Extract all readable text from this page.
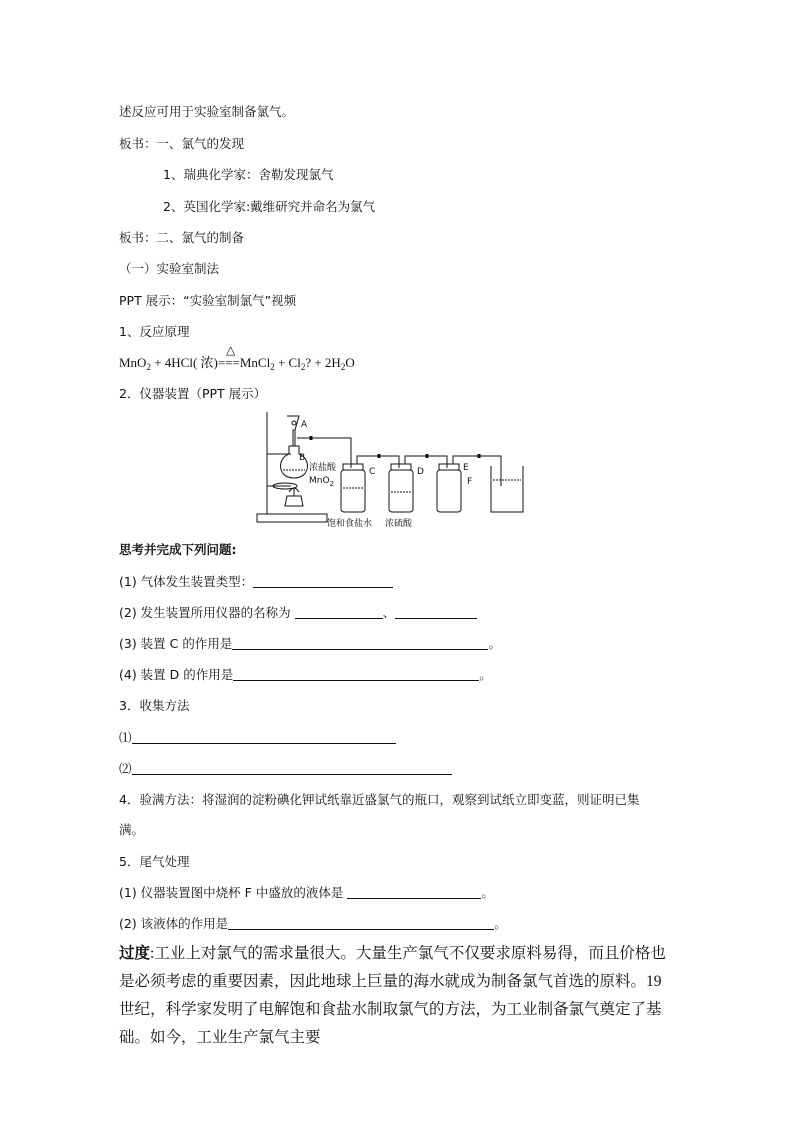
述反应可用于实验室制备氯气。
板书：一、氯气的发现
1、瑞典化学家：舍勒发现氯气
2、英国化学家:戴维研究并命名为氯气
板书：二、氯气的制备
（一）实验室制法
PPT 展示：“实验室制氯气”视频
1、反应原理
MnO$_2$ + 4HCl( 浓)===MnCl$_2$ + $Cl_2$? + $2H_2O$
△
2．仪器装置（PPT 展示）
A
B
浓盐酸
MnO$_2$
C	D	E
F
饱和食盐水 浓硫酸
思考并完成下列问题:
(1) 气体发生装置类型：
(2) 发生装置所用仪器的名称为	、
(3) 装置 C 的作用是	。
(4) 装置 D 的作用是	。
3．收集方法
⑴
⑵
4．验满方法：将湿润的淀粉碘化钾试纸靠近盛氯气的瓶口，观察到试纸立即变蓝，则证明已集
满。
5．尾气处理
(1) 仪器装置图中烧杯 F 中盛放的液体是	。
(2) 该液体的作用是	。
过度:工业上对氯气的需求量很大。大量生产氯气不仅要求原料易得，而且价格也是必须考虑的重要因素，因此地球上巨量的海水就成为制备氯气首选的原料。19 世纪，科学家发明了电解饱和食盐水制取氯气的方法，为工业制备氯气奠定了基础。如今，工业生产氯气主要
